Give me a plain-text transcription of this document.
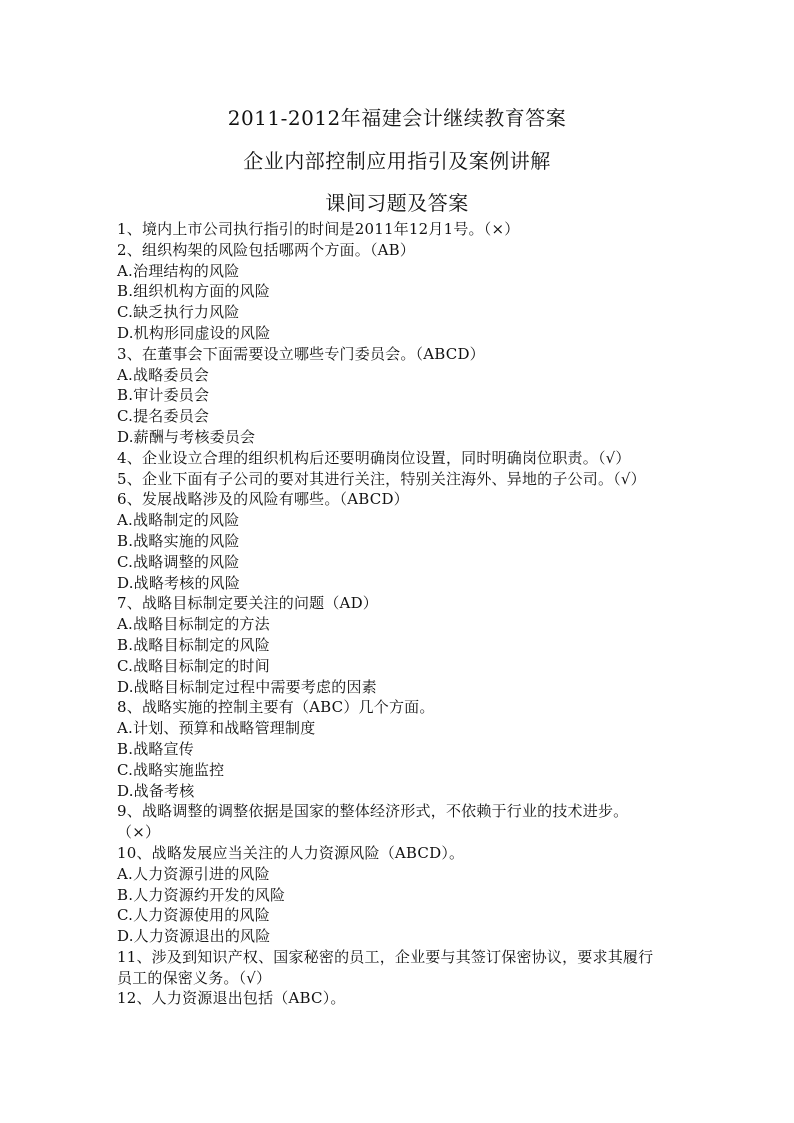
2011-2012年福建会计继续教育答案
企业内部控制应用指引及案例讲解
课间习题及答案
1、境内上市公司执行指引的时间是2011年12月1号。（×）
2、组织构架的风险包括哪两个方面。（AB）
A.治理结构的风险
B.组织机构方面的风险
C.缺乏执行力风险
D.机构形同虚设的风险
3、在董事会下面需要设立哪些专门委员会。（ABCD）
A.战略委员会
B.审计委员会
C.提名委员会
D.薪酬与考核委员会
4、企业设立合理的组织机构后还要明确岗位设置，同时明确岗位职责。（√）
5、企业下面有子公司的要对其进行关注，特别关注海外、异地的子公司。（√）
6、发展战略涉及的风险有哪些。（ABCD）
A.战略制定的风险
B.战略实施的风险
C.战略调整的风险
D.战略考核的风险
7、战略目标制定要关注的问题（AD）
A.战略目标制定的方法
B.战略目标制定的风险
C.战略目标制定的时间
D.战略目标制定过程中需要考虑的因素
8、战略实施的控制主要有（ABC）几个方面。
A.计划、预算和战略管理制度
B.战略宣传
C.战略实施监控
D.战备考核
9、战略调整的调整依据是国家的整体经济形式，不依赖于行业的技术进步。
（×）
10、战略发展应当关注的人力资源风险（ABCD）。
A.人力资源引进的风险
B.人力资源约开发的风险
C.人力资源使用的风险
D.人力资源退出的风险
11、涉及到知识产权、国家秘密的员工，企业要与其签订保密协议，要求其履行
员工的保密义务。（√）
12、人力资源退出包括（ABC）。
